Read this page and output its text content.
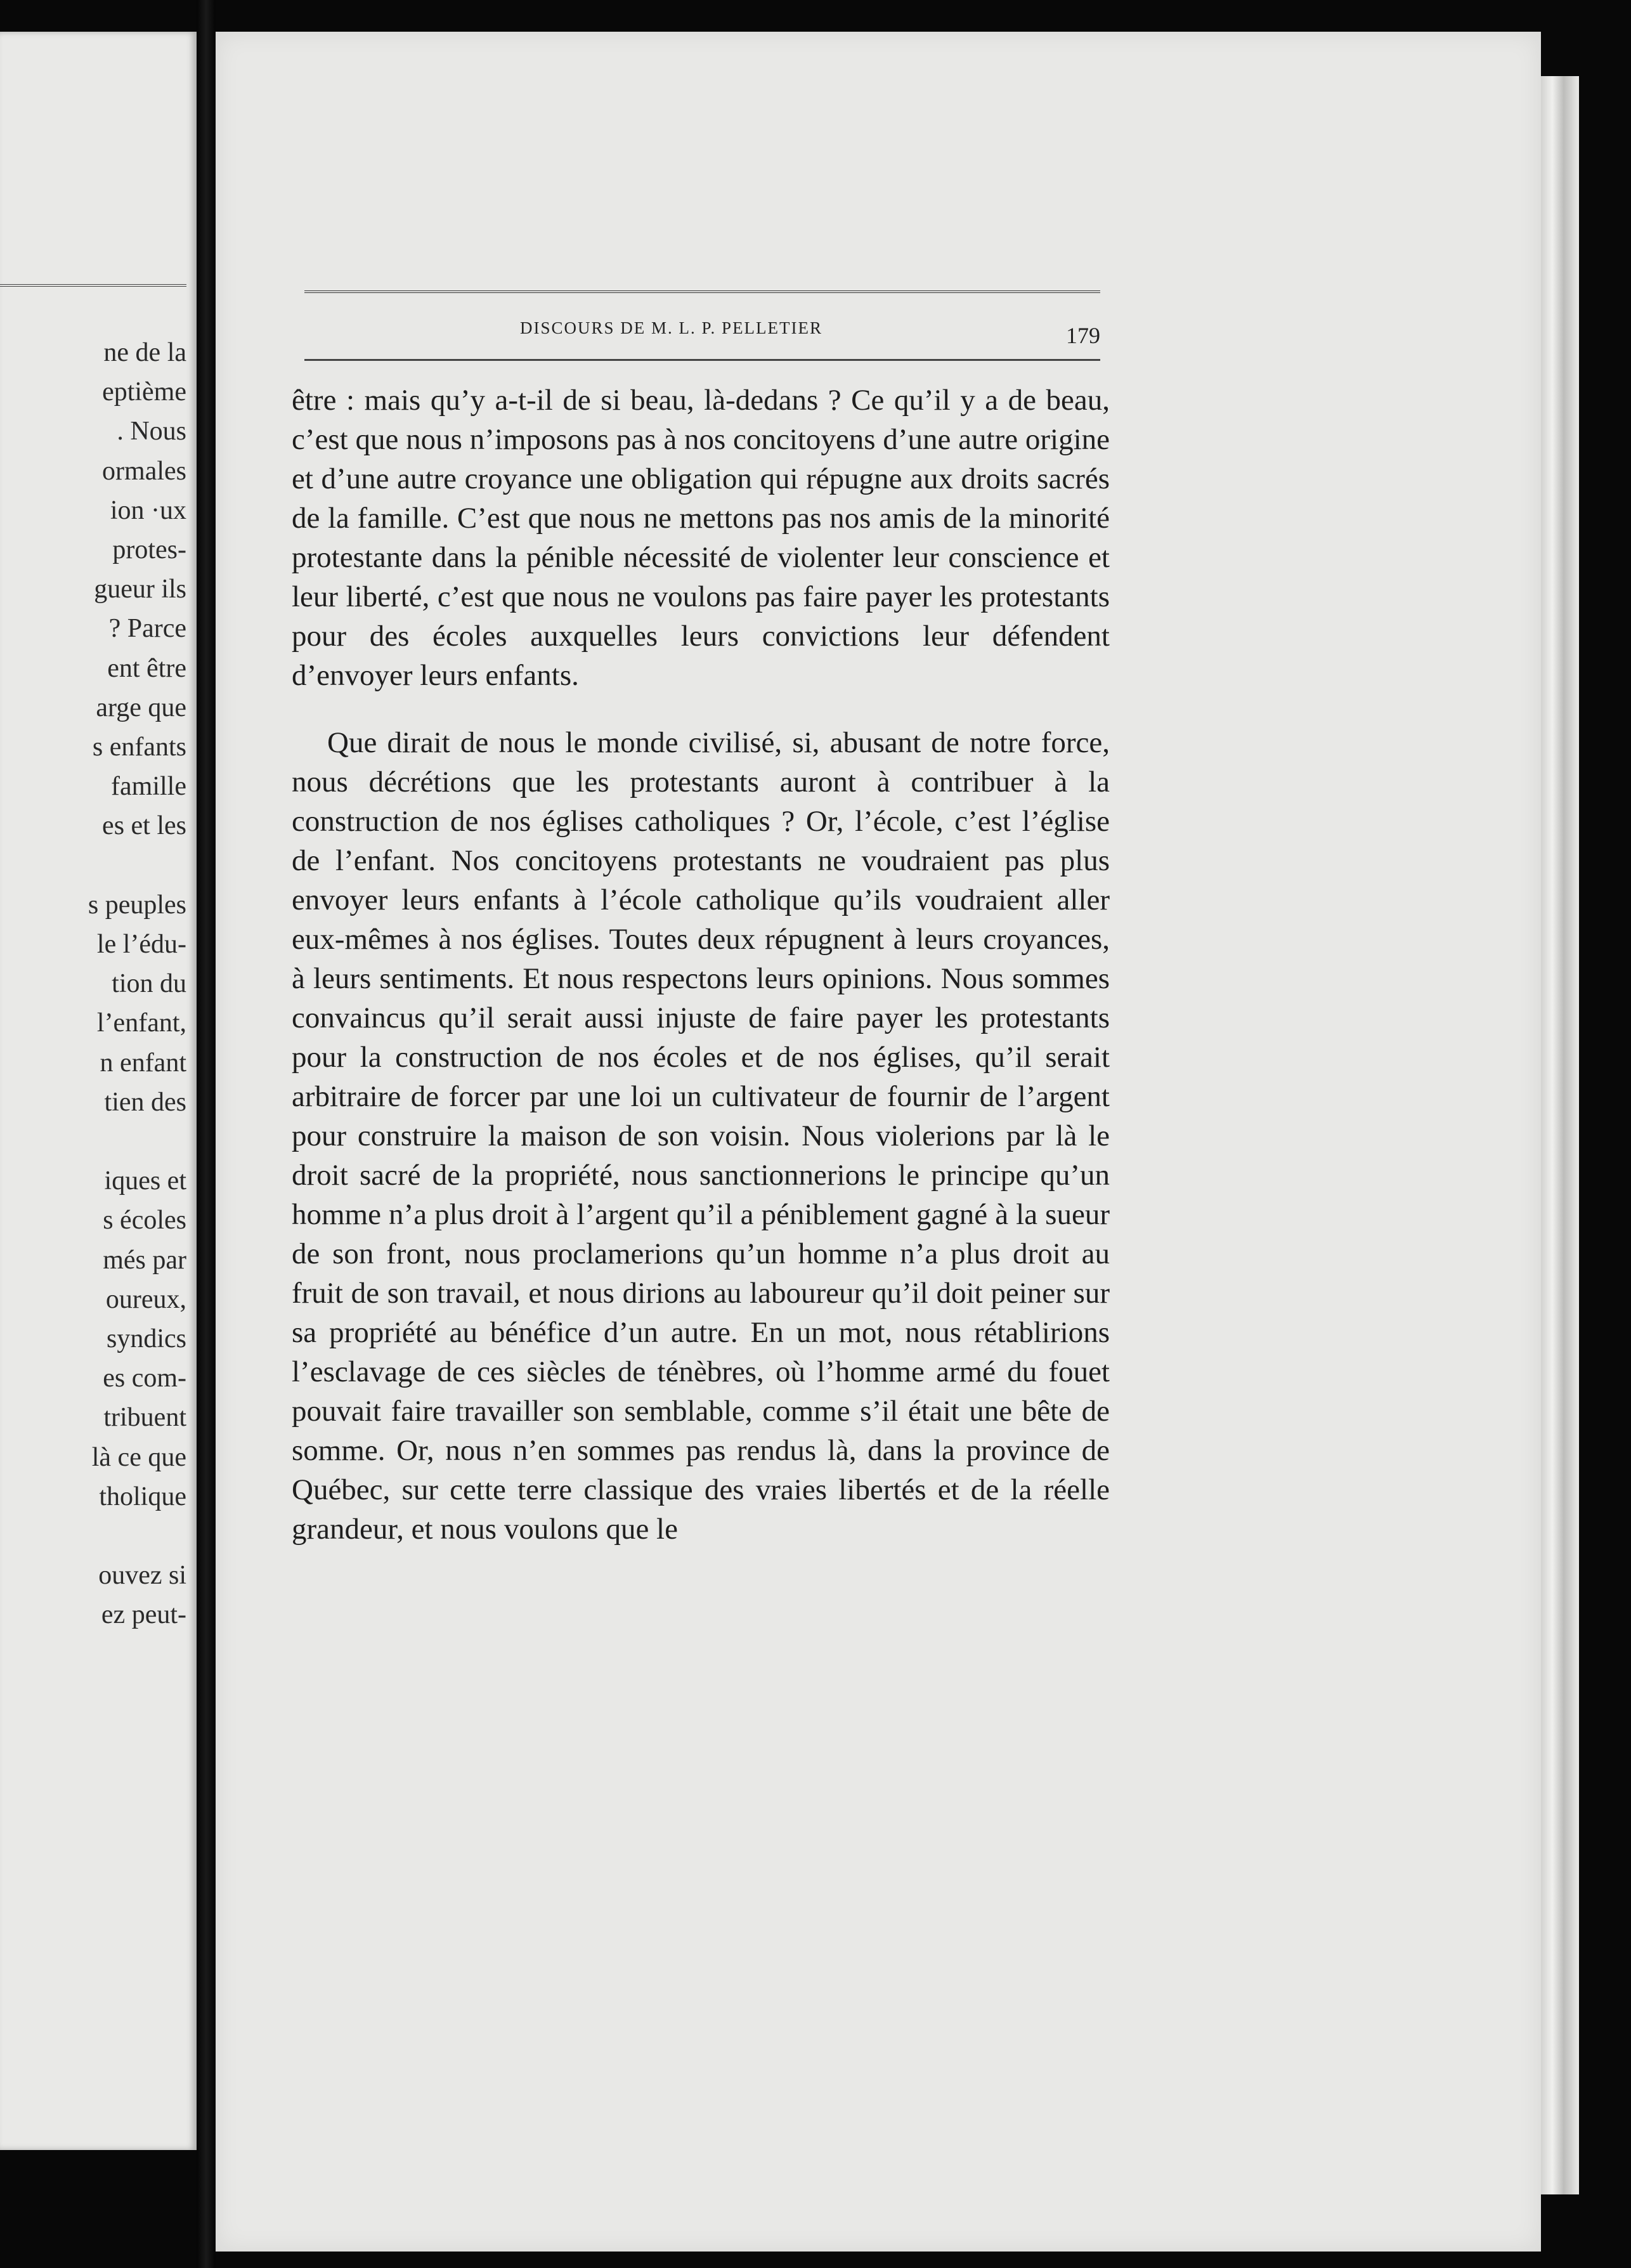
ne de la
eptième
. Nous
ormales
ion ·ux
protes-
gueur ils
? Parce
ent être
arge que
s enfants
famille
es et les
s peuples
le l’édu-
tion du
l’enfant,
n enfant
tien des
iques et
s écoles
més par
ourеux,
syndics
es com-
tribuent
là ce que
tholique
ouvez si
ez peut-
DISCOURS DE M. L. P. PELLETIER	179

être : mais qu’y a-t-il de si beau, là-dedans ? Ce qu’il y a de beau, c’est que nous n’imposons pas à nos concitoyens d’une autre origine et d’une autre croyance une obligation qui répugne aux droits sacrés de la famille. C’est que nous ne mettons pas nos amis de la minorité protestante dans la pénible nécessité de violenter leur conscience et leur liberté, c’est que nous ne voulons pas faire payer les protestants pour des écoles auxquelles leurs convictions leur défendent d’envoyer leurs enfants.

Que dirait de nous le monde civilisé, si, abusant de notre force, nous décrétions que les protestants auront à contribuer à la construction de nos églises catholiques ? Or, l’école, c’est l’église de l’enfant. Nos concitoyens protestants ne voudraient pas plus envoyer leurs enfants à l’école catholique qu’ils voudraient aller eux-mêmes à nos églises. Toutes deux répugnent à leurs croyances, à leurs sentiments. Et nous respectons leurs opinions. Nous sommes convaincus qu’il serait aussi injuste de faire payer les protestants pour la construction de nos écoles et de nos églises, qu’il serait arbitraire de forcer par une loi un cultivateur de fournir de l’argent pour construire la maison de son voisin. Nous violerions par là le droit sacré de la propriété, nous sanctionnerions le principe qu’un homme n’a plus droit à l’argent qu’il a péniblement gagné à la sueur de son front, nous proclamerions qu’un homme n’a plus droit au fruit de son travail, et nous dirions au laboureur qu’il doit peiner sur sa propriété au bénéfice d’un autre. En un mot, nous rétablirions l’esclavage de ces siècles de ténèbres, où l’homme armé du fouet pouvait faire travailler son semblable, comme s’il était une bête de somme. Or, nous n’en sommes pas rendus là, dans la province de Québec, sur cette terre classique des vraies libertés et de la réelle grandeur, et nous voulons que le
